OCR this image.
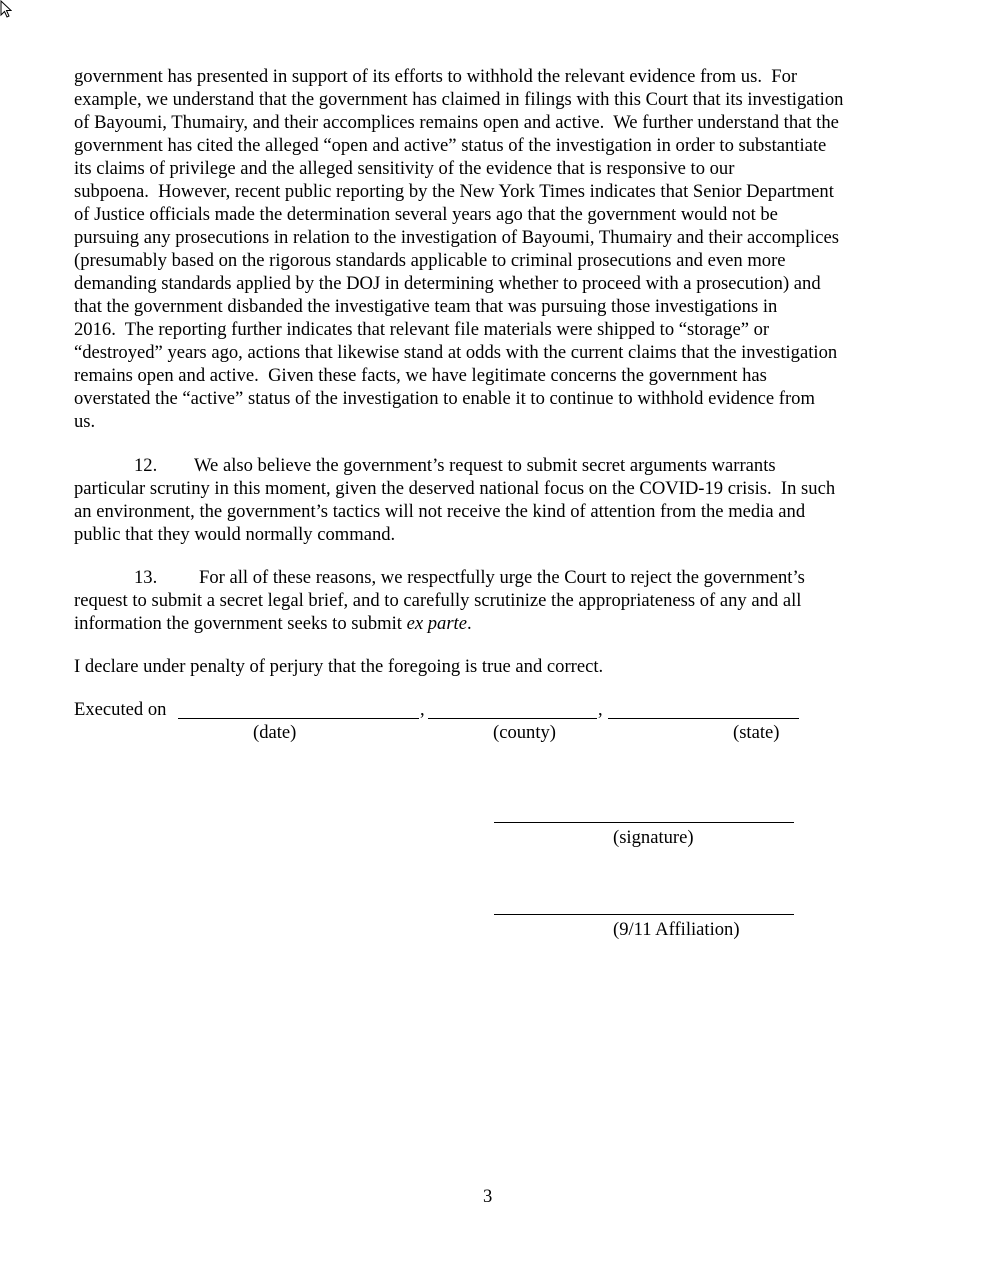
government has presented in support of its efforts to withhold the relevant evidence from us.  For
example, we understand that the government has claimed in filings with this Court that its investigation
of Bayoumi, Thumairy, and their accomplices remains open and active.  We further understand that the
government has cited the alleged “open and active” status of the investigation in order to substantiate
its claims of privilege and the alleged sensitivity of the evidence that is responsive to our
subpoena.  However, recent public reporting by the New York Times indicates that Senior Department
of Justice officials made the determination several years ago that the government would not be
pursuing any prosecutions in relation to the investigation of Bayoumi, Thumairy and their accomplices
(presumably based on the rigorous standards applicable to criminal prosecutions and even more
demanding standards applied by the DOJ in determining whether to proceed with a prosecution) and
that the government disbanded the investigative team that was pursuing those investigations in
2016.  The reporting further indicates that relevant file materials were shipped to “storage” or
“destroyed” years ago, actions that likewise stand at odds with the current claims that the investigation
remains open and active.  Given these facts, we have legitimate concerns the government has
overstated the “active” status of the investigation to enable it to continue to withhold evidence from
us.
12. We also believe the government’s request to submit secret arguments warrants
particular scrutiny in this moment, given the deserved national focus on the COVID-19 crisis.  In such
an environment, the government’s tactics will not receive the kind of attention from the media and
public that they would normally command.
13. For all of these reasons, we respectfully urge the Court to reject the government’s
request to submit a secret legal brief, and to carefully scrutinize the appropriateness of any and all
information the government seeks to submit ex parte.
I declare under penalty of perjury that the foregoing is true and correct.
Executed on	,	,
(date)	(county)	(state)
(signature)
(9/11 Affiliation)
3
